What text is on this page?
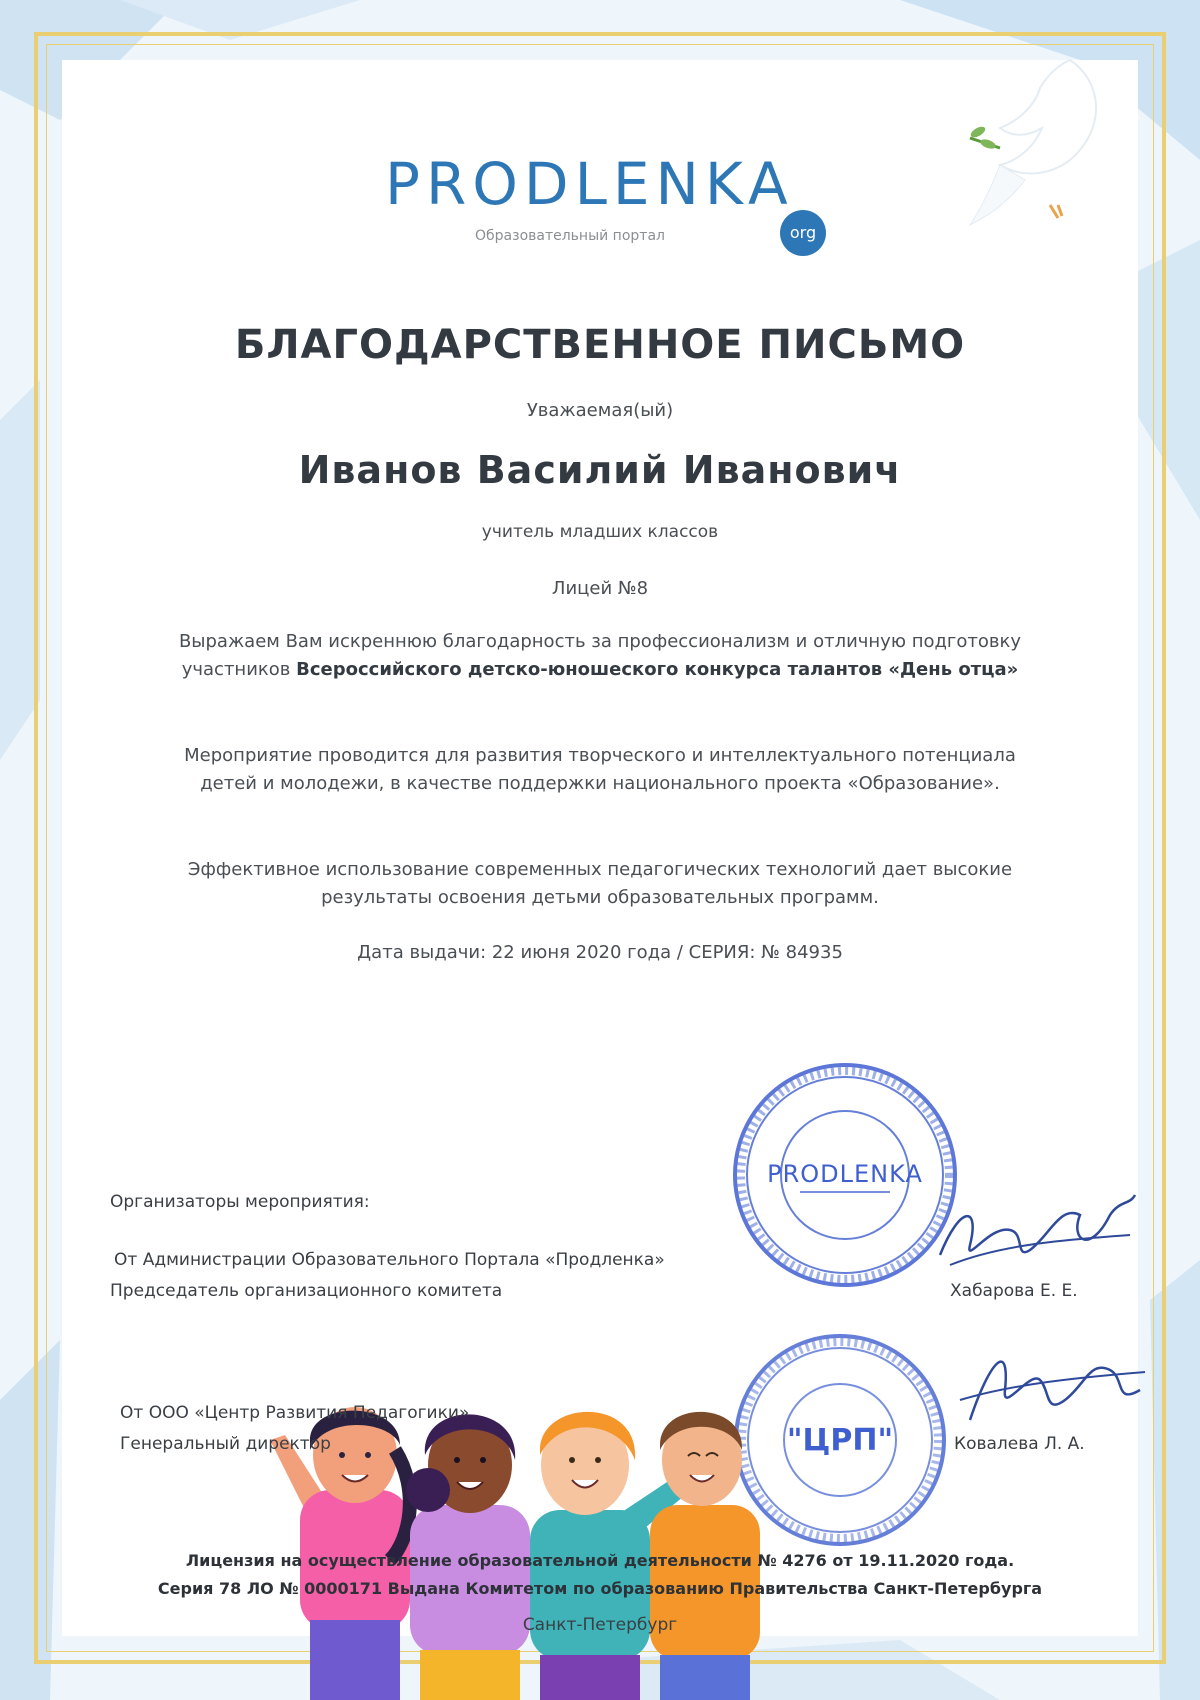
PRODLENKA
org
Образовательный портал
БЛАГОДАРСТВЕННОЕ ПИСЬМО
Уважаемая(ый)
Иванов Василий Иванович
учитель младших классов
Лицей №8
Выражаем Вам искреннюю благодарность за профессионализм и отличную подготовку участников Всероссийского детско-юношеского конкурса талантов «День отца»
Мероприятие проводится для развития творческого и интеллектуального потенциала детей и молодежи, в качестве поддержки национального проекта «Образование».
Эффективное использование современных педагогических технологий дает высокие результаты освоения детьми образовательных программ.
Дата выдачи: 22 июня 2020 года / СЕРИЯ: № 84935
PRODLENKA
"ЦРП"
Организаторы мероприятия:
От Администрации Образовательного Портала «Продленка»
Председатель организационного комитета	Хабарова Е. Е.
От ООО «Центр Развития Педагогики»
Генеральный директор	Ковалева Л. А.
Лицензия на осуществление образовательной деятельности № 4276 от 19.11.2020 года.
Серия 78 ЛО № 0000171 Выдана Комитетом по образованию Правительства Санкт-Петербурга
Санкт-Петербург
